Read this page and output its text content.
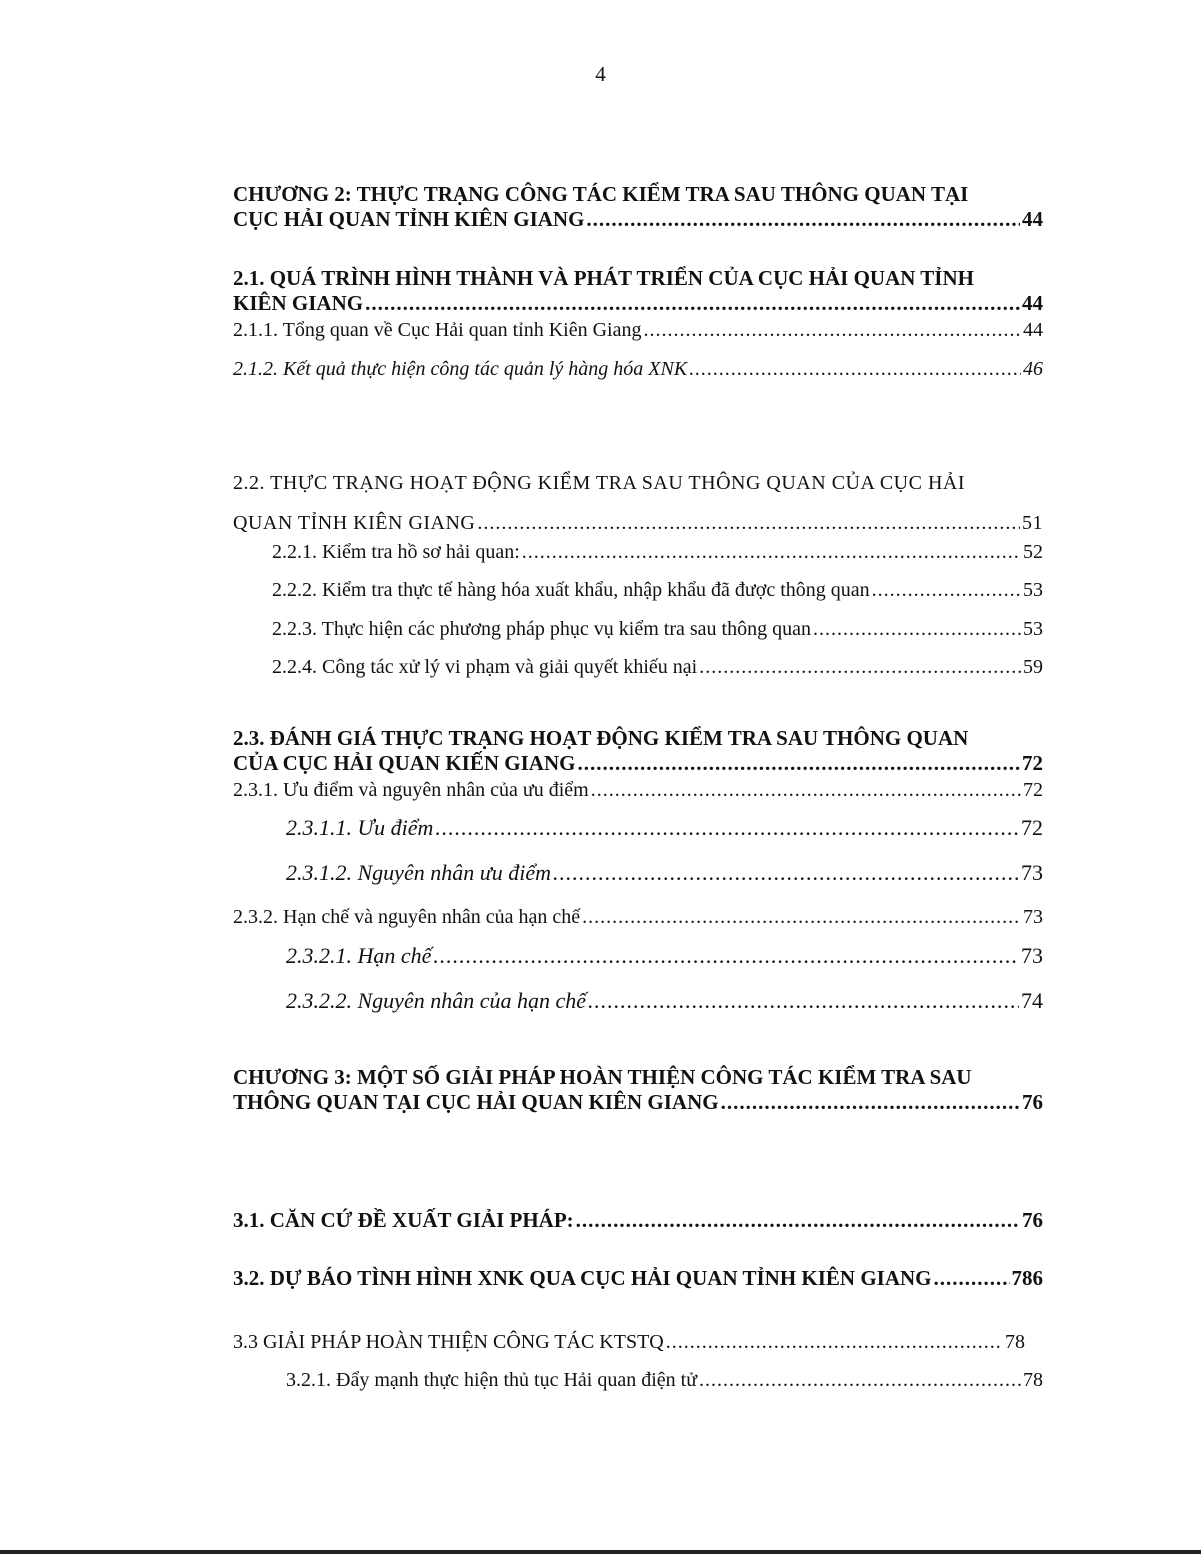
4
CHƯƠNG 2: THỰC TRẠNG CÔNG TÁC KIỂM TRA SAU THÔNG QUAN TẠI
CỤC HẢI QUAN TỈNH KIÊN GIANG .....	44
2.1. QUÁ TRÌNH HÌNH THÀNH VÀ PHÁT TRIỂN CỦA CỤC HẢI QUAN TỈNH
KIÊN GIANG .....	44
2.1.1. Tổng quan về Cục Hải quan tỉnh Kiên Giang .....	44
2.1.2. Kết quả thực hiện công tác quản lý hàng hóa XNK .....	46
2.2. THỰC TRẠNG HOẠT ĐỘNG KIỂM TRA SAU THÔNG QUAN CỦA CỤC HẢI
QUAN TỈNH KIÊN GIANG .....	51
2.2.1. Kiểm tra hồ sơ hải quan: .....	52
2.2.2. Kiểm tra thực tế hàng hóa xuất khẩu, nhập khẩu đã được thông quan .....	53
2.2.3. Thực hiện các phương pháp phục vụ kiểm tra sau thông quan .....	53
2.2.4. Công tác xử lý vi phạm và giải quyết khiếu nại .....	59
2.3. ĐÁNH GIÁ THỰC TRẠNG HOẠT ĐỘNG KIỂM TRA SAU THÔNG QUAN
CỦA CỤC HẢI QUAN KIẾN GIANG .....	72
2.3.1. Ưu điểm và nguyên nhân của ưu điểm .....	72
2.3.1.1. Ưu điểm .....	72
2.3.1.2. Nguyên nhân ưu điểm .....	73
2.3.2. Hạn chế và nguyên nhân của hạn chế .....	73
2.3.2.1. Hạn chế .....	73
2.3.2.2. Nguyên nhân của hạn chế .....	74
CHƯƠNG 3: MỘT SỐ GIẢI PHÁP HOÀN THIỆN CÔNG TÁC KIỂM TRA SAU
THÔNG QUAN TẠI CỤC HẢI QUAN KIÊN GIANG .....	76
3.1. CĂN CỨ ĐỀ XUẤT GIẢI PHÁP: .....	76
3.2. DỰ BÁO TÌNH HÌNH XNK QUA CỤC HẢI QUAN TỈNH KIÊN GIANG .....	786
3.3 GIẢI PHÁP HOÀN THIỆN CÔNG TÁC KTSTQ .....	78
3.2.1. Đẩy mạnh thực hiện thủ tục Hải quan điện tử .....	78
